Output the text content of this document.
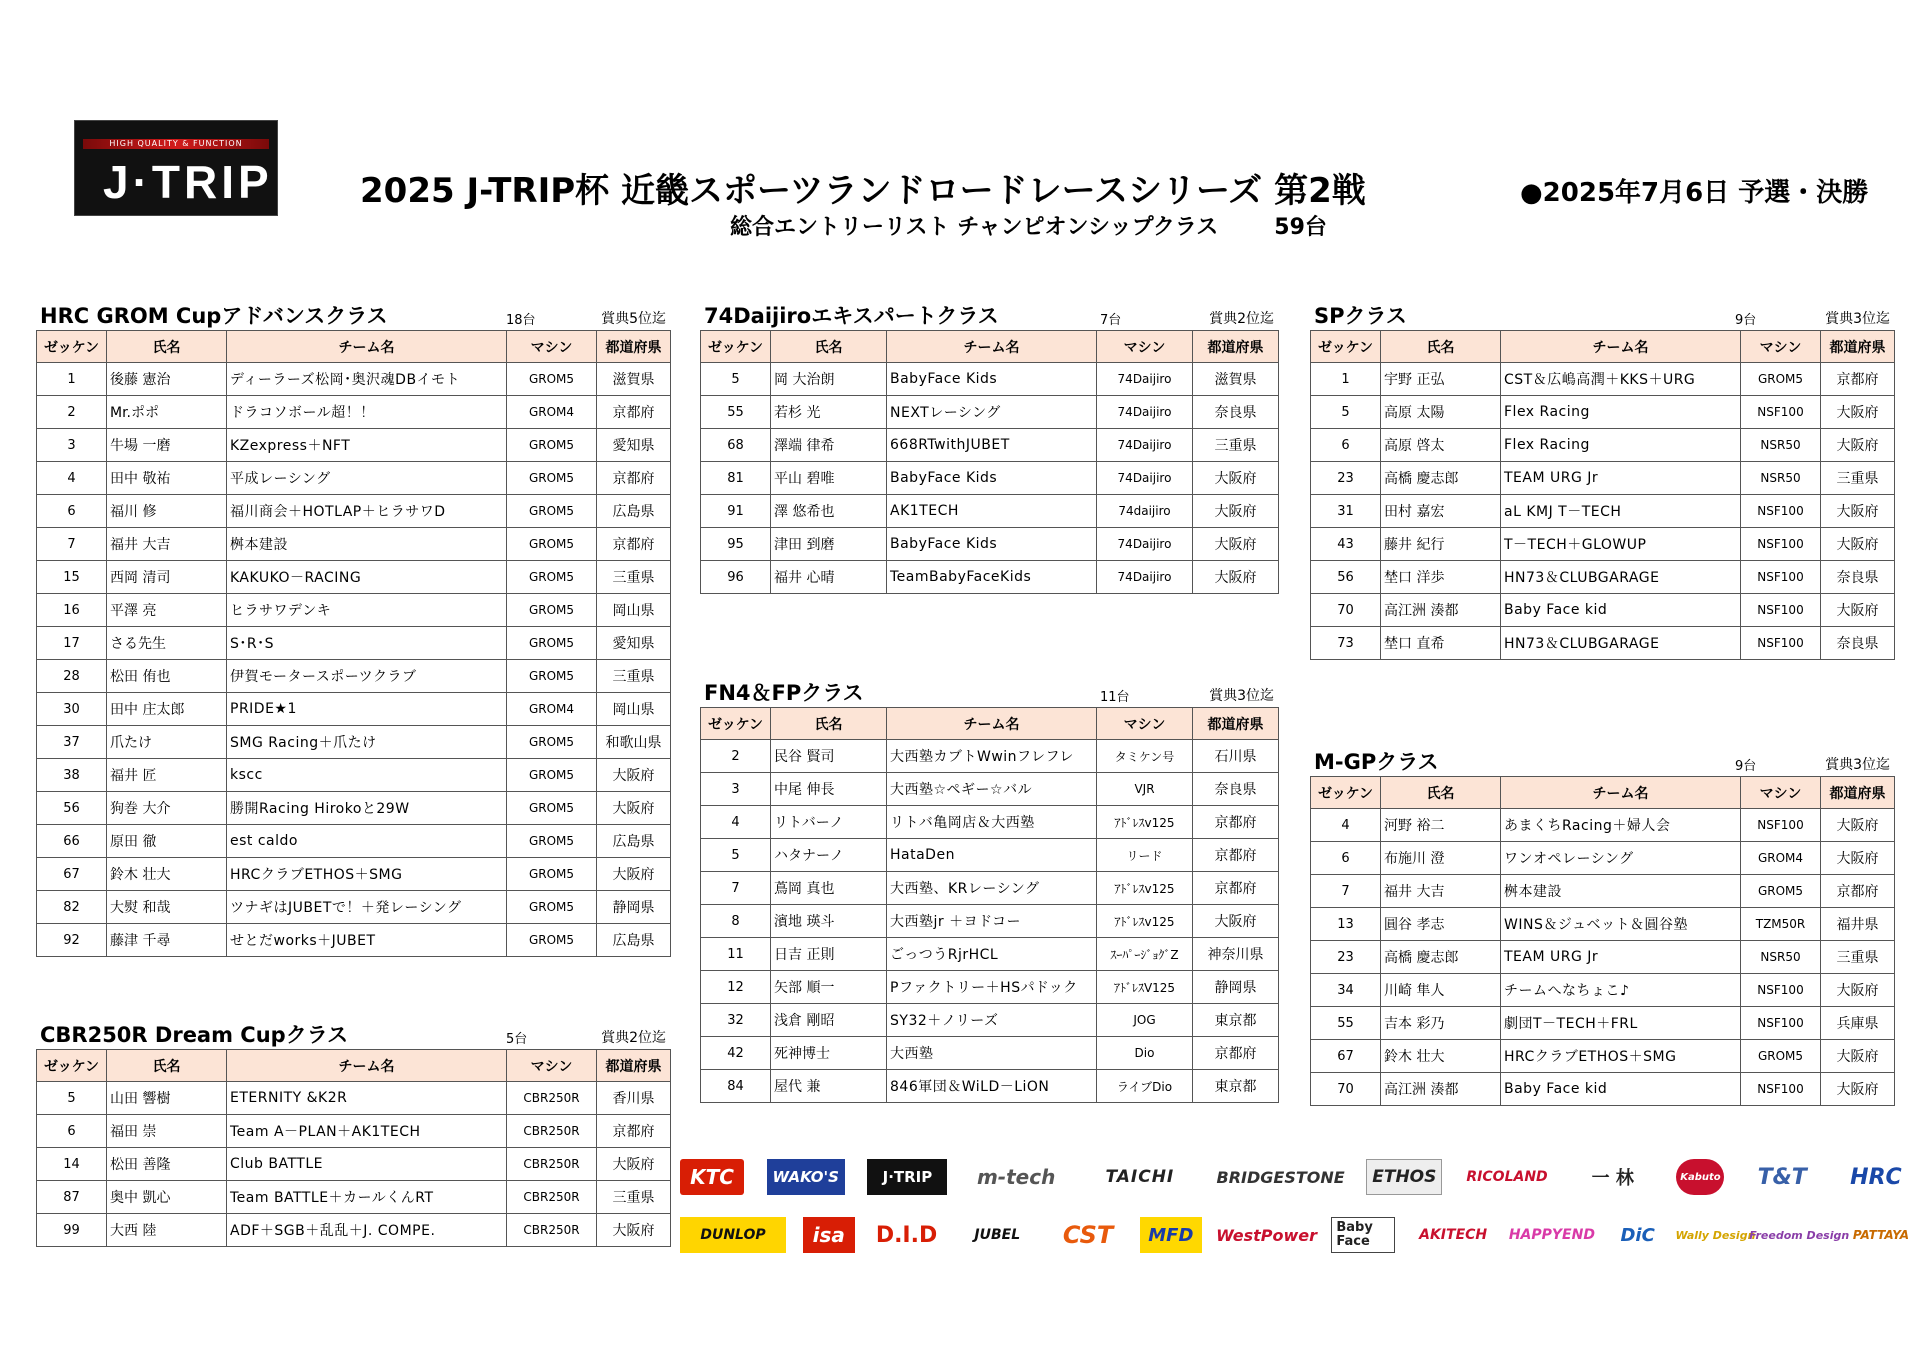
HIGH QUALITY & FUNCTION
J·TRIP	2025 J-TRIP杯 近畿スポーツランドロードレースシリーズ 第2戦
総合エントリーリスト チャンピオンシップクラス	59台
●2025年7月6日 予選・決勝
HRC GROM Cupアドバンスクラス	18台	賞典5位迄
ゼッケン	氏名	チーム名	マシン	都道府県
1	後藤 憲治	ディーラーズ松岡･奥沢魂DBイモト	GROM5	滋賀県
2	Mr.ポポ	ドラコソボール超！！	GROM4	京都府
3	牛場 一磨	KZexpress＋NFT	GROM5	愛知県
4	田中 敬祐	平成レーシング	GROM5	京都府
6	福川 修	福川商会＋HOTLAP＋ヒラサワD	GROM5	広島県
7	福井 大吉	桝本建設	GROM5	京都府
15	西岡 清司	KAKUKO－RACING	GROM5	三重県
16	平澤 亮	ヒラサワデンキ	GROM5	岡山県
17	さる先生	S･R･S	GROM5	愛知県
28	松田 侑也	伊賀モータースポーツクラブ	GROM5	三重県
30	田中 庄太郎	PRIDE★1	GROM4	岡山県
37	爪たけ	SMG Racing＋爪たけ	GROM5	和歌山県
38	福井 匠	kscc	GROM5	大阪府
56	狗巻 大介	勝開Racing Hirokoと29W	GROM5	大阪府
66	原田 徹	est caldo	GROM5	広島県
67	鈴木 壮大	HRCクラブETHOS＋SMG	GROM5	大阪府
82	大熨 和哉	ツナギはJUBETで！＋発レーシング	GROM5	静岡県
92	藤津 千尋	せとだworks＋JUBET	GROM5	広島県
74Daijiroエキスパートクラス	7台	賞典2位迄
ゼッケン	氏名	チーム名	マシン	都道府県
5	岡 大治朗	BabyFace Kids	74Daijiro	滋賀県
55	若杉 光	NEXTレーシング	74Daijiro	奈良県
68	澤端 律希	668RTwithJUBET	74Daijiro	三重県
81	平山 碧唯	BabyFace Kids	74Daijiro	大阪府
91	澤 悠希也	AK1TECH	74daijiro	大阪府
95	津田 到磨	BabyFace Kids	74Daijiro	大阪府
96	福井 心晴	TeamBabyFaceKids	74Daijiro	大阪府
SPクラス	9台	賞典3位迄
ゼッケン	氏名	チーム名	マシン	都道府県
1	宇野 正弘	CST＆広嶋高潤＋KKS＋URG	GROM5	京都府
5	高原 太陽	Flex Racing	NSF100	大阪府
6	高原 啓太	Flex Racing	NSR50	大阪府
23	高橋 慶志郎	TEAM URG Jr	NSR50	三重県
31	田村 嘉宏	aL KMJ T－TECH	NSF100	大阪府
43	藤井 紀行	T－TECH＋GLOWUP	NSF100	大阪府
56	埜口 洋歩	HN73＆CLUBGARAGE	NSF100	奈良県
70	高江洲 湊都	Baby Face kid	NSF100	大阪府
73	埜口 直希	HN73＆CLUBGARAGE	NSF100	奈良県
FN4＆FPクラス	11台	賞典3位迄
ゼッケン	氏名	チーム名	マシン	都道府県
2	民谷 賢司	大西塾カブトWwinフレフレ	タミケン号	石川県
3	中尾 伸長	大西塾☆ペギー☆バル	VJR	奈良県
4	リトバーノ	リトバ亀岡店＆大西塾	ｱﾄﾞﾚｽv125	京都府
5	ハタナーノ	HataDen	リード	京都府
7	蔦岡 真也	大西塾、KRレーシング	ｱﾄﾞﾚｽv125	京都府
8	濱地 瑛斗	大西塾jr ＋ヨドコー	ｱﾄﾞﾚｽv125	大阪府
11	日吉 正則	ごっつうRjrHCL	ｽｰﾊﾟｰｼﾞｮｸﾞZ	神奈川県
12	矢部 順一	Pファクトリー＋HSパドック	ｱﾄﾞﾚｽV125	静岡県
32	浅倉 剛昭	SY32＋ノリーズ	JOG	東京都
42	死神博士	大西塾	Dio	京都府
84	屋代 兼	846軍団＆WiLD－LiON	ライブDio	東京都
M-GPクラス	9台	賞典3位迄
ゼッケン	氏名	チーム名	マシン	都道府県
4	河野 裕二	あまくちRacing＋婦人会	NSF100	大阪府
6	布施川 澄	ワンオペレーシング	GROM4	大阪府
7	福井 大吉	桝本建設	GROM5	京都府
13	圓谷 孝志	WINS＆ジュベット＆圓谷塾	TZM50R	福井県
23	高橋 慶志郎	TEAM URG Jr	NSR50	三重県
34	川崎 隼人	チームへなちょこ♪	NSF100	大阪府
55	吉本 彩乃	劇団T－TECH＋FRL	NSF100	兵庫県
67	鈴木 壮大	HRCクラブETHOS＋SMG	GROM5	大阪府
70	高江洲 湊都	Baby Face kid	NSF100	大阪府
CBR250R Dream Cupクラス	5台	賞典2位迄
ゼッケン	氏名	チーム名	マシン	都道府県
5	山田 響樹	ETERNITY &K2R	CBR250R	香川県
6	福田 崇	Team A－PLAN＋AK1TECH	CBR250R	京都府
14	松田 善隆	Club BATTLE	CBR250R	大阪府
87	奥中 凱心	Team BATTLE＋カールくんRT	CBR250R	三重県
99	大西 陸	ADF＋SGB＋乱乱＋J. COMPE.	CBR250R	大阪府
KTC	WAKO'S	J·TRIP	m-tech	TAICHI	BRIDGESTONE	ETHOS	RICOLAND	一 林	Kabuto	T&T	HRC
DUNLOP	isa	D.I.D	JUBEL	CST	MFD	WestPower	Baby Face	AKITECH	HAPPYEND	DiC	Wally Design
Freedom Design PATTAYA
